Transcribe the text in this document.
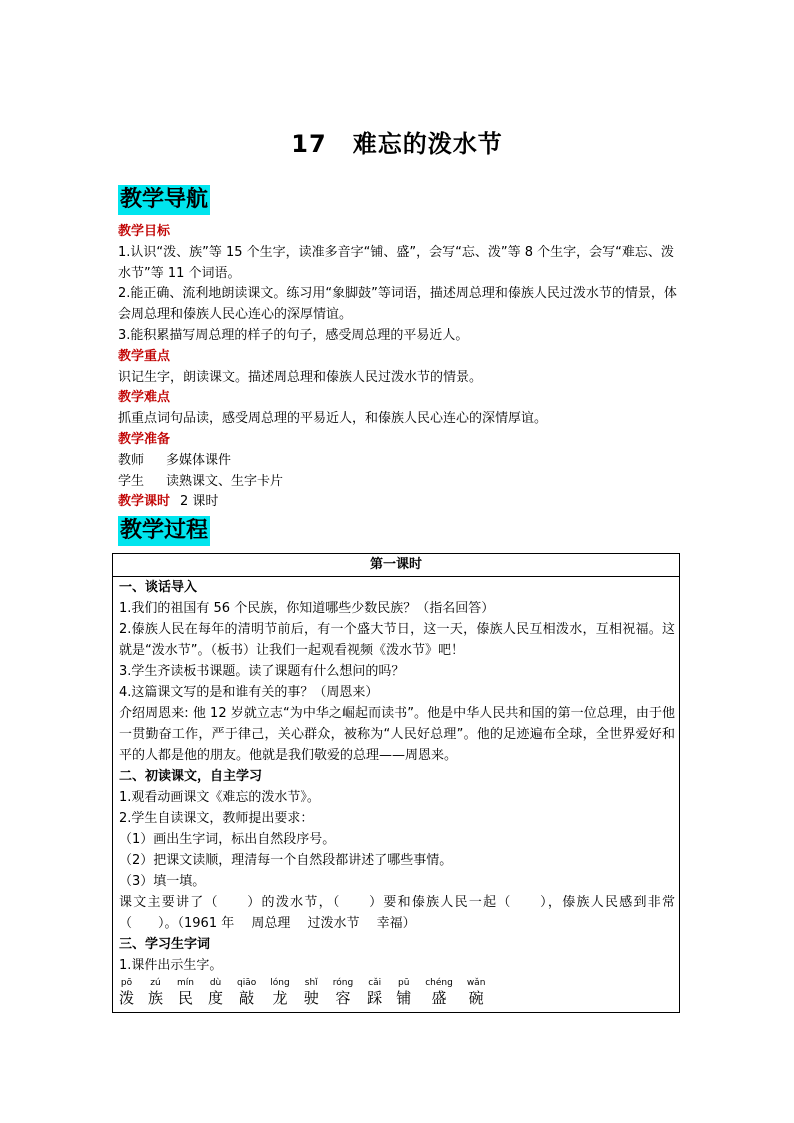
17 难忘的泼水节
教学导航
教学目标
1.认识“泼、族”等 15 个生字，读准多音字“铺、盛”，会写“忘、泼”等 8 个生字，会写“难忘、泼水节”等 11 个词语。
2.能正确、流利地朗读课文。练习用“象脚鼓”等词语，描述周总理和傣族人民过泼水节的情景，体会周总理和傣族人民心连心的深厚情谊。
3.能积累描写周总理的样子的句子，感受周总理的平易近人。
教学重点
识记生字，朗读课文。描述周总理和傣族人民过泼水节的情景。
教学难点
抓重点词句品读，感受周总理的平易近人，和傣族人民心连心的深情厚谊。
教学准备
教师 多媒体课件
学生 读熟课文、生字卡片
教学课时 2 课时
教学过程
第一课时
一、谈话导入
1.我们的祖国有 56 个民族，你知道哪些少数民族？（指名回答）
2.傣族人民在每年的清明节前后，有一个盛大节日，这一天，傣族人民互相泼水，互相祝福。这就是“泼水节”。（板书）让我们一起观看视频《泼水节》吧！
3.学生齐读板书课题。读了课题有什么想问的吗？
4.这篇课文写的是和谁有关的事？（周恩来）
介绍周恩来: 他 12 岁就立志“为中华之崛起而读书”。他是中华人民共和国的第一位总理，由于他一贯勤奋工作，严于律己，关心群众，被称为“人民好总理”。他的足迹遍布全球，全世界爱好和平的人都是他的朋友。他就是我们敬爱的总理——周恩来。
二、初读课文，自主学习
1.观看动画课文《难忘的泼水节》。
2.学生自读课文，教师提出要求：
（1）画出生字词，标出自然段序号。
（2）把课文读顺，理清每一个自然段都讲述了哪些事情。
（3）填一填。
课文主要讲了（　　）的泼水节，（　　）要和傣族人民一起（　　），傣族人民感到非常（　　）。（1961 年　 周总理　 过泼水节　 幸福）
三、学习生字词
1.课件出示生字。
pō
泼
zú
族
mín
民
dù
度
qiāo
敲
lóng
龙
shǐ
驶
róng
容
cǎi
踩
pū
铺
chéng
盛
wǎn
碗
